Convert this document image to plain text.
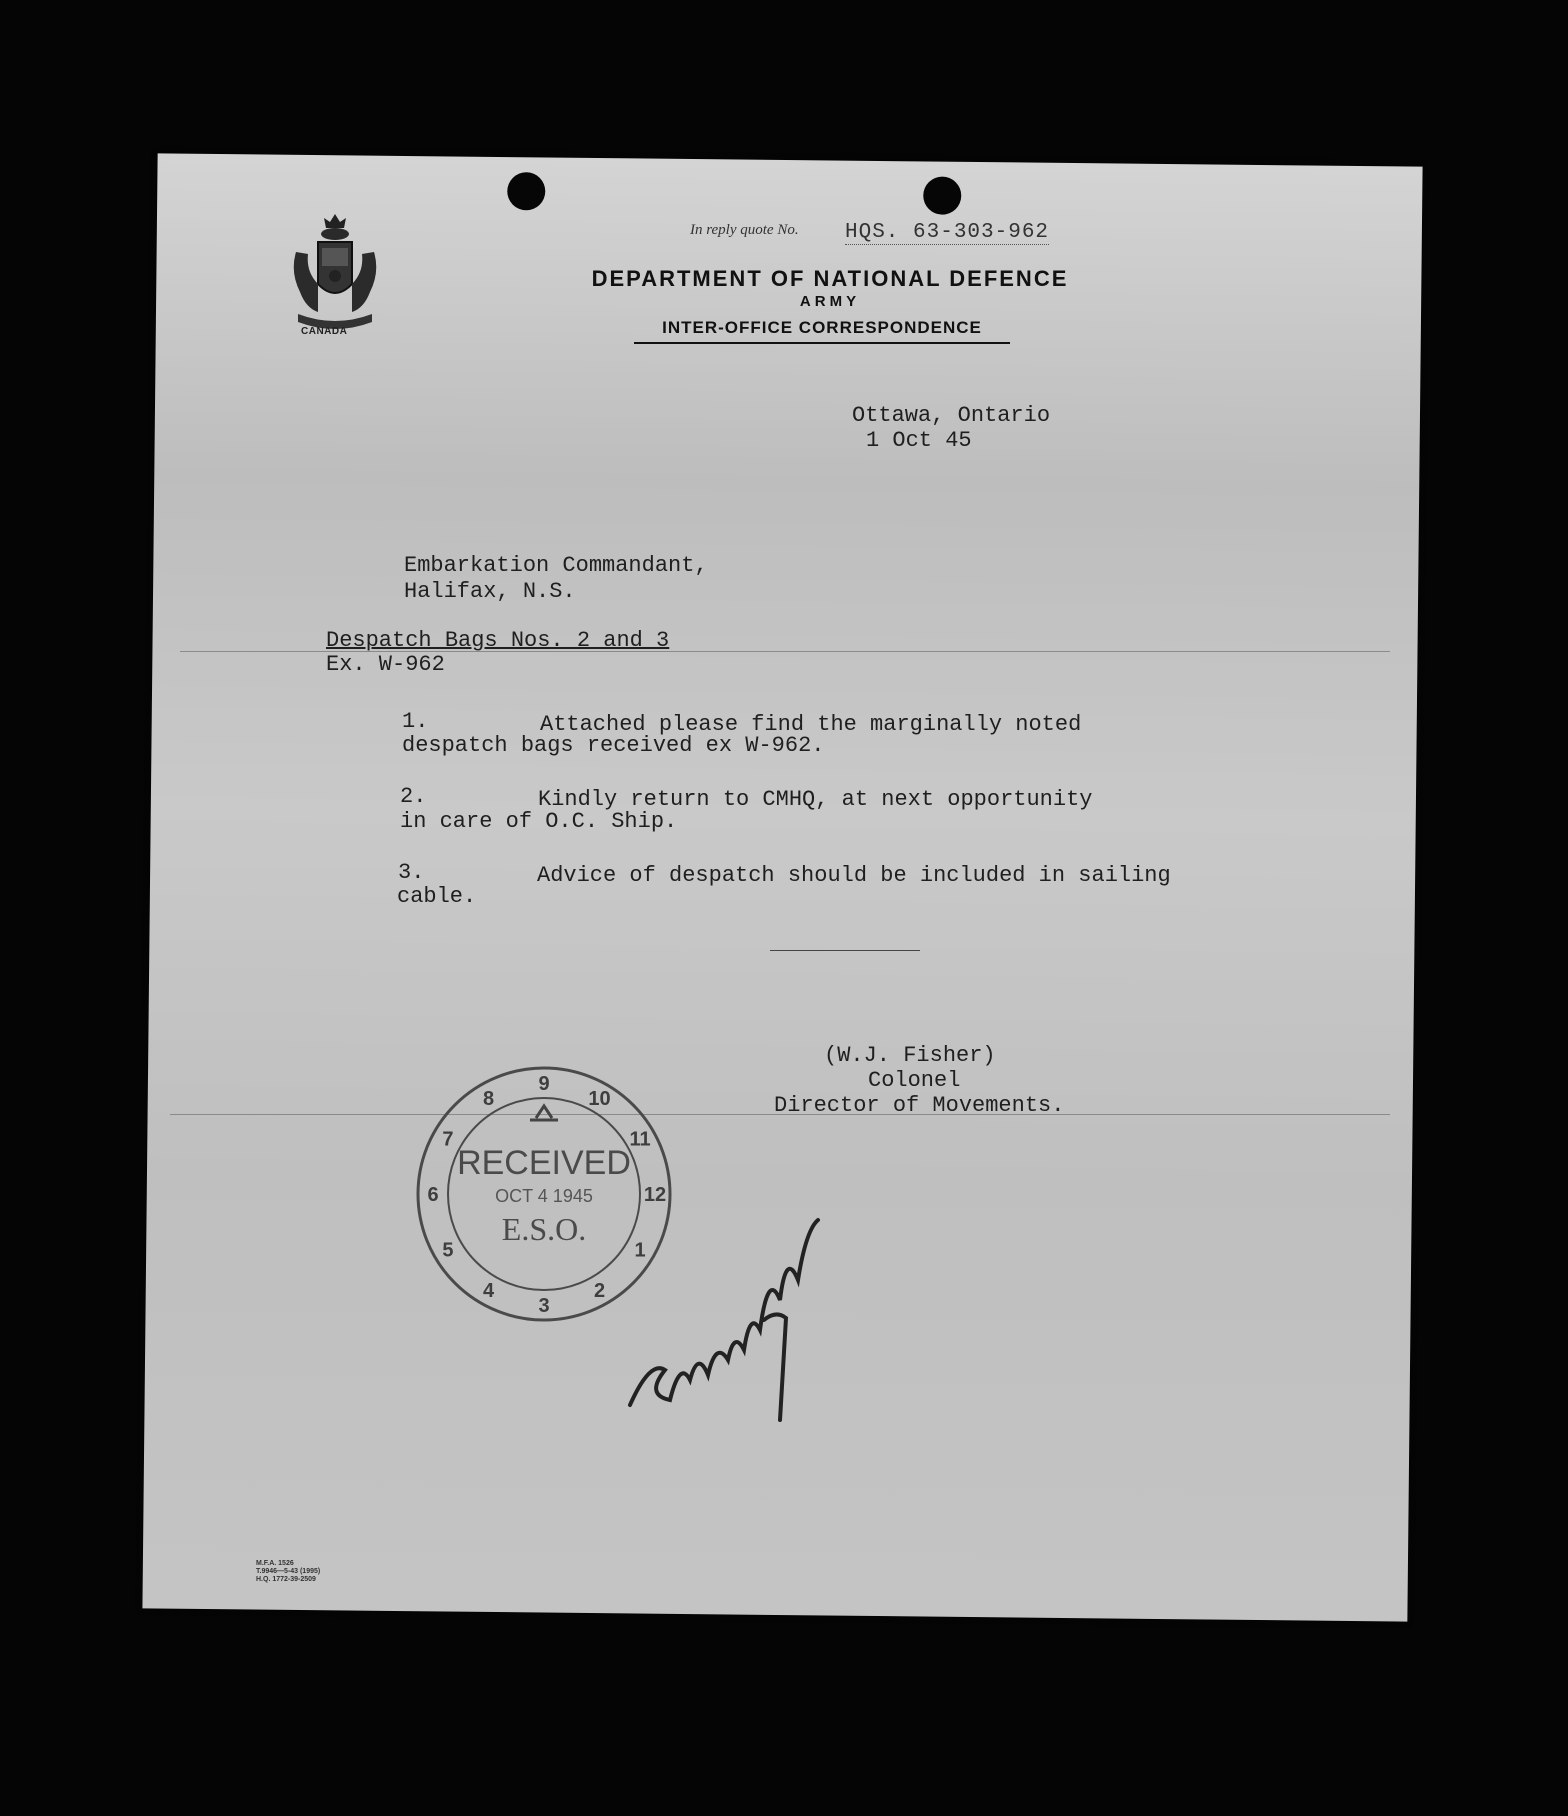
CANADA
In reply quote No. HQS. 63-303-962
DEPARTMENT OF NATIONAL DEFENCE
ARMY
INTER-OFFICE CORRESPONDENCE
Ottawa, Ontario
1 Oct 45
Embarkation Commandant,
Halifax, N.S.
Despatch Bags Nos. 2 and 3
Ex. W-962
1.	Attached please find the marginally noted
despatch bags received ex W-962.
2.	Kindly return to CMHQ, at next opportunity
in care of O.C. Ship.
3.	Advice of despatch should be included in sailing
cable.
(W.J. Fisher)
Colonel
Director of Movements.
8
9
10
11
12
1
2
3
4
5
6
7
RECEIVED
OCT 4 1945
E.S.O.
M.F.A. 1526
T.9946—5-43 (1995)
H.Q. 1772-39-2509
